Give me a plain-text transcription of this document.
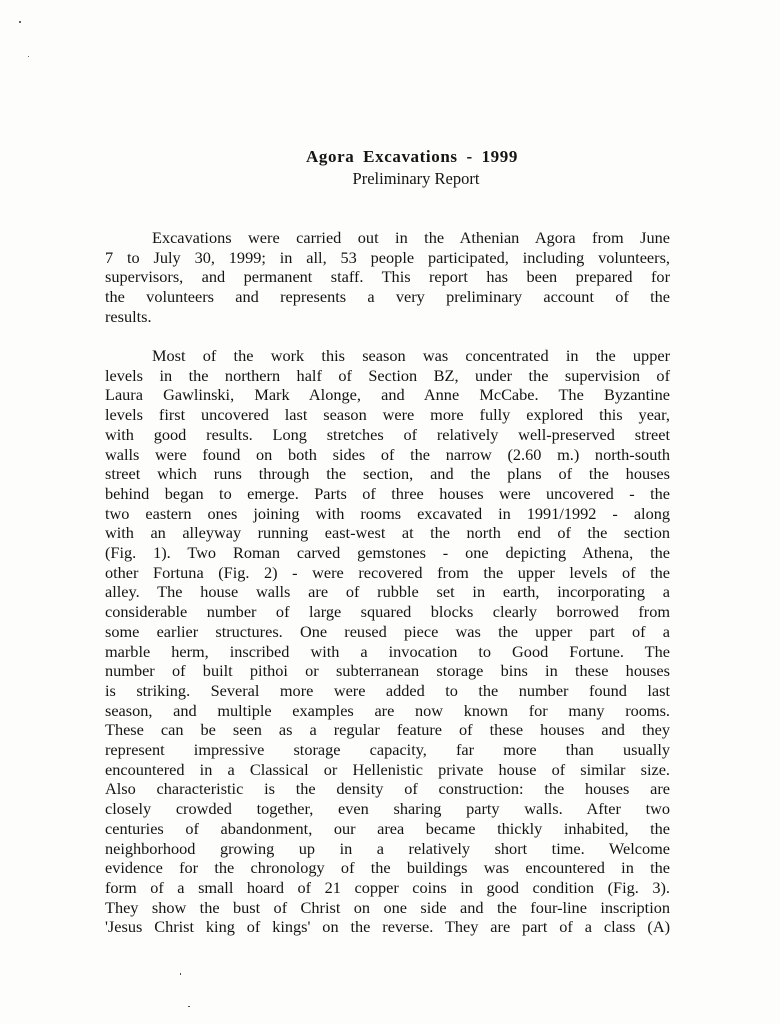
Agora Excavations - 1999

Preliminary Report

Excavations were carried out in the Athenian Agora from June
7 to July 30, 1999; in all, 53 people participated, including volunteers,
supervisors, and permanent staff. This report has been prepared for
the volunteers and represents a very preliminary account of the
results.
Most of the work this season was concentrated in the upper
levels in the northern half of Section BZ, under the supervision of
Laura Gawlinski, Mark Alonge, and Anne McCabe. The Byzantine
levels first uncovered last season were more fully explored this year,
with good results. Long stretches of relatively well-preserved street
walls were found on both sides of the narrow (2.60 m.) north-south
street which runs through the section, and the plans of the houses
behind began to emerge. Parts of three houses were uncovered - the
two eastern ones joining with rooms excavated in 1991/1992 - along
with an alleyway running east-west at the north end of the section
(Fig. 1). Two Roman carved gemstones - one depicting Athena, the
other Fortuna (Fig. 2) - were recovered from the upper levels of the
alley. The house walls are of rubble set in earth, incorporating a
considerable number of large squared blocks clearly borrowed from
some earlier structures. One reused piece was the upper part of a
marble herm, inscribed with a invocation to Good Fortune. The
number of built pithoi or subterranean storage bins in these houses
is striking. Several more were added to the number found last
season, and multiple examples are now known for many rooms.
These can be seen as a regular feature of these houses and they
represent impressive storage capacity, far more than usually
encountered in a Classical or Hellenistic private house of similar size.
Also characteristic is the density of construction: the houses are
closely crowded together, even sharing party walls. After two
centuries of abandonment, our area became thickly inhabited, the
neighborhood growing up in a relatively short time. Welcome
evidence for the chronology of the buildings was encountered in the
form of a small hoard of 21 copper coins in good condition (Fig. 3).
They show the bust of Christ on one side and the four-line inscription
'Jesus Christ king of kings' on the reverse. They are part of a class (A)
